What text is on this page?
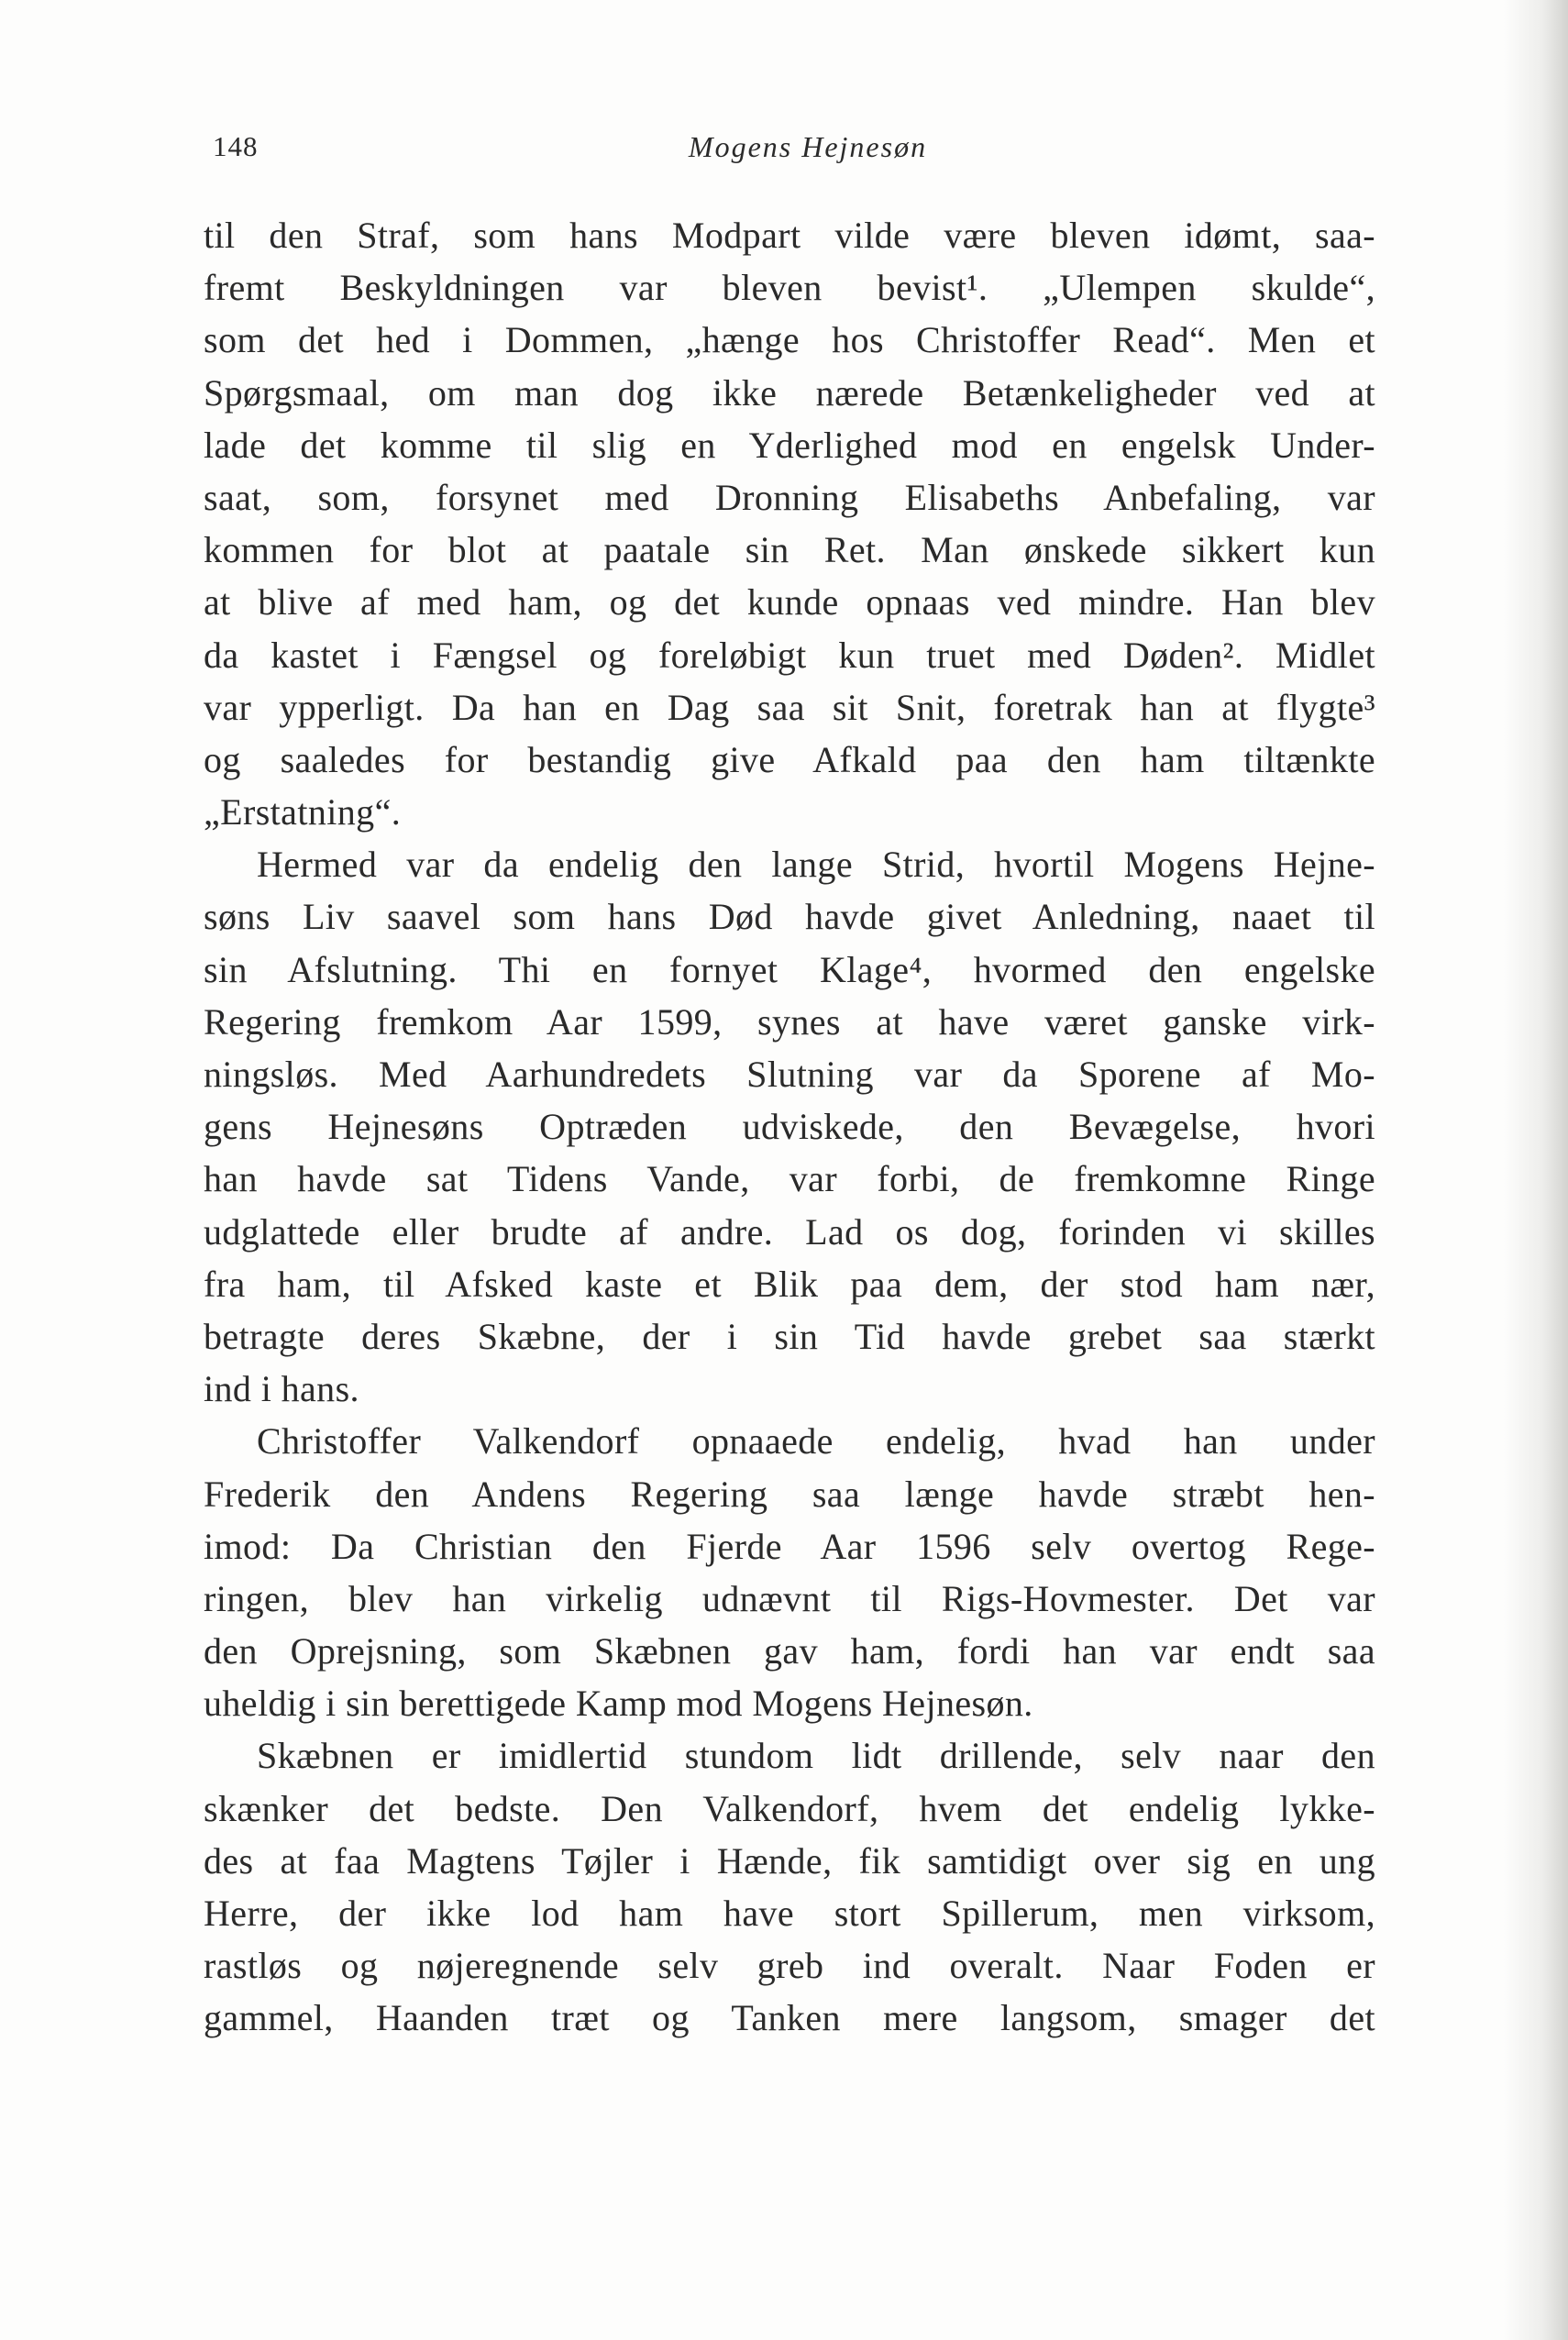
148	Mogens Hejnesøn
til den Straf, som hans Modpart vilde være bleven idømt, saa-
fremt Beskyldningen var bleven bevist¹. „Ulempen skulde“,
som det hed i Dommen, „hænge hos Christoffer Read“. Men et
Spørgsmaal, om man dog ikke nærede Betænkeligheder ved at
lade det komme til slig en Yderlighed mod en engelsk Under-
saat, som, forsynet med Dronning Elisabeths Anbefaling, var
kommen for blot at paatale sin Ret. Man ønskede sikkert kun
at blive af med ham, og det kunde opnaas ved mindre. Han blev
da kastet i Fængsel og foreløbigt kun truet med Døden². Midlet
var ypperligt. Da han en Dag saa sit Snit, foretrak han at flygte³
og saaledes for bestandig give Afkald paa den ham tiltænkte
„Erstatning“.
Hermed var da endelig den lange Strid, hvortil Mogens Hejne-
søns Liv saavel som hans Død havde givet Anledning, naaet til
sin Afslutning. Thi en fornyet Klage⁴, hvormed den engelske
Regering fremkom Aar 1599, synes at have været ganske virk-
ningsløs. Med Aarhundredets Slutning var da Sporene af Mo-
gens Hejnesøns Optræden udviskede, den Bevægelse, hvori
han havde sat Tidens Vande, var forbi, de fremkomne Ringe
udglattede eller brudte af andre. Lad os dog, forinden vi skilles
fra ham, til Afsked kaste et Blik paa dem, der stod ham nær,
betragte deres Skæbne, der i sin Tid havde grebet saa stærkt
ind i hans.
Christoffer Valkendorf opnaaede endelig, hvad han under
Frederik den Andens Regering saa længe havde stræbt hen-
imod: Da Christian den Fjerde Aar 1596 selv overtog Rege-
ringen, blev han virkelig udnævnt til Rigs-Hovmester. Det var
den Oprejsning, som Skæbnen gav ham, fordi han var endt saa
uheldig i sin berettigede Kamp mod Mogens Hejnesøn.
Skæbnen er imidlertid stundom lidt drillende, selv naar den
skænker det bedste. Den Valkendorf, hvem det endelig lykke-
des at faa Magtens Tøjler i Hænde, fik samtidigt over sig en ung
Herre, der ikke lod ham have stort Spillerum, men virksom,
rastløs og nøjeregnende selv greb ind overalt. Naar Foden er
gammel, Haanden træt og Tanken mere langsom, smager det
